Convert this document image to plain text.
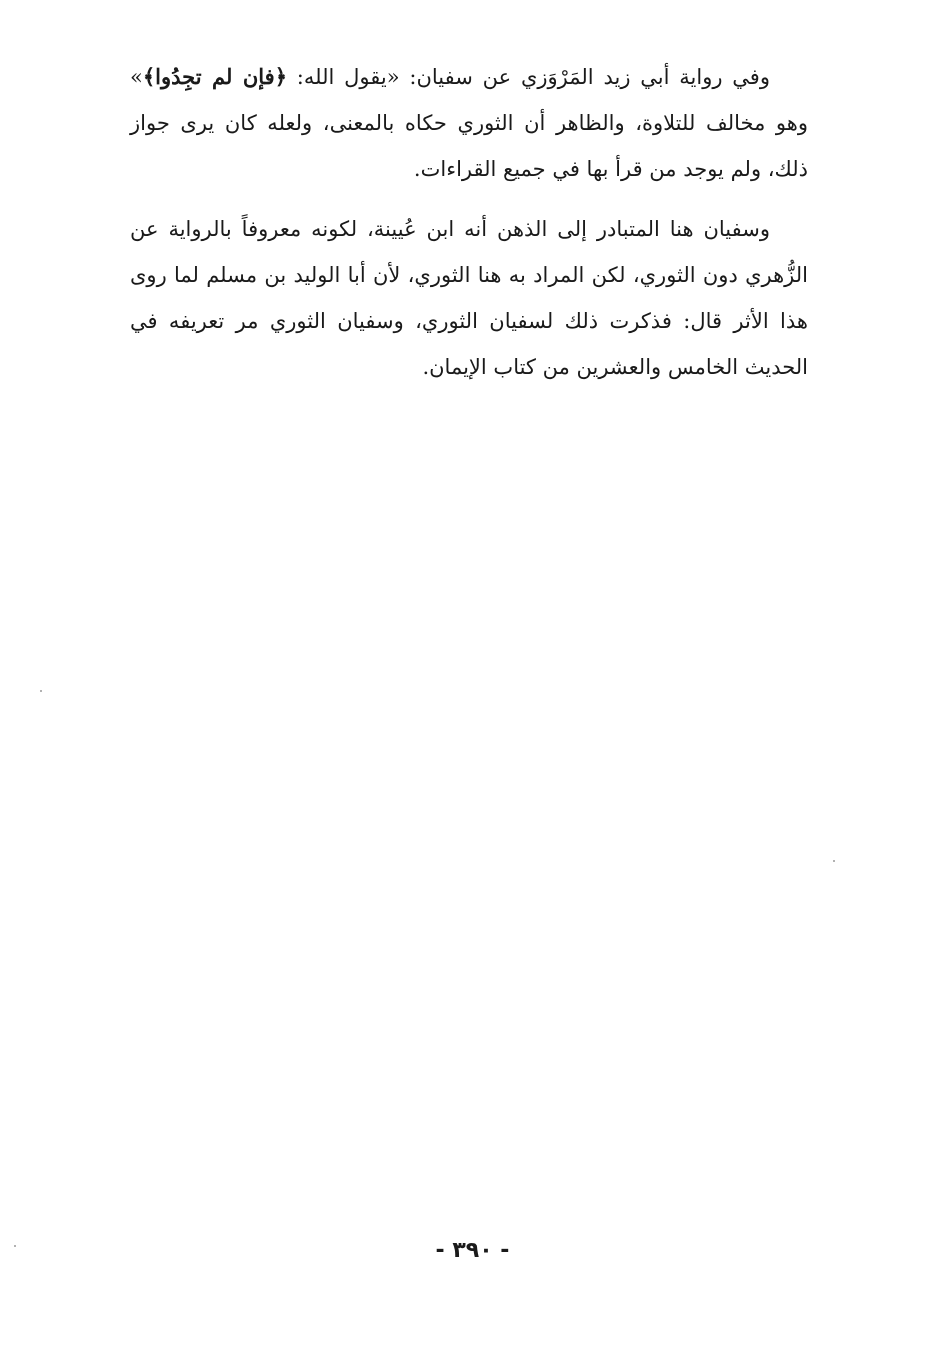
وفي رواية أبي زيد المَرْوَزي عن سفيان: «يقول الله: ﴿فإن لم تجِدُوا﴾» وهو مخالف للتلاوة، والظاهر أن الثوري حكاه بالمعنى، ولعله كان يرى جواز ذلك، ولم يوجد من قرأ بها في جميع القراءات.

وسفيان هنا المتبادر إلى الذهن أنه ابن عُيينة، لكونه معروفاً بالرواية عن الزُّهري دون الثوري، لكن المراد به هنا الثوري، لأن أبا الوليد بن مسلم لما روى هذا الأثر قال: فذكرت ذلك لسفيان الثوري، وسفيان الثوري مر تعريفه في الحديث الخامس والعشرين من كتاب الإيمان.

- ٣٩٠ -
